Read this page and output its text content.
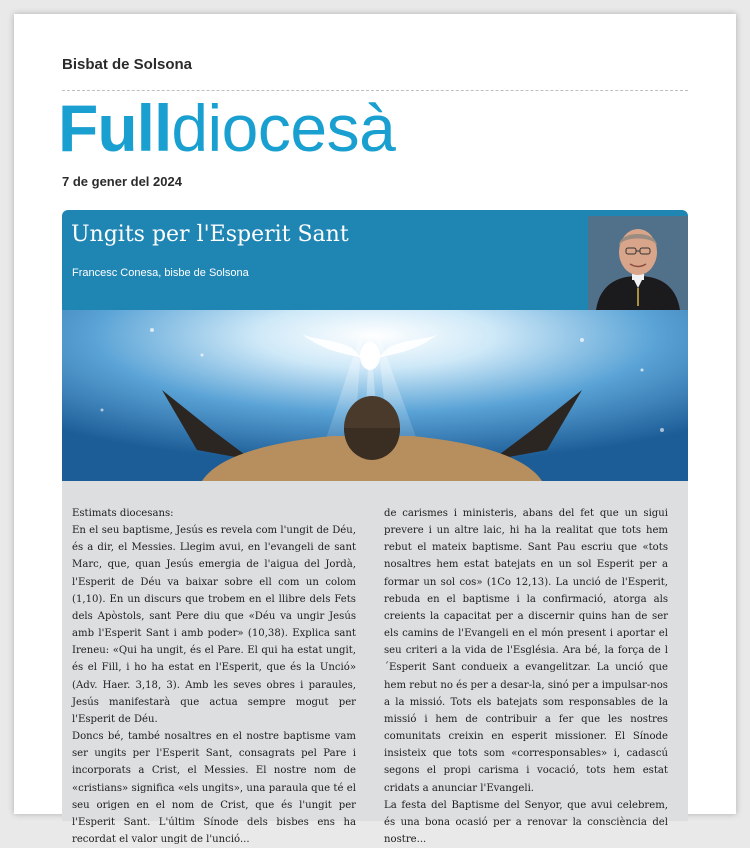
Bisbat de Solsona
Fulldiocesà
7 de gener del 2024
Ungits per l'Esperit Sant
Francesc Conesa, bisbe de Solsona

Estimats diocesans:

En el seu baptisme, Jesús es revela com l'ungit de Déu, és a dir, el Messies. Llegim avui, en l'evangeli de sant Marc, que, quan Jesús emergia de l'aigua del Jordà, l'Esperit de Déu va baixar sobre ell com un colom (1,10). En un discurs que trobem en el llibre dels Fets dels Apòstols, sant Pere diu que «Déu va ungir Jesús amb l'Esperit Sant i amb poder» (10,38). Explica sant Ireneu: «Qui ha ungit, és el Pare. El qui ha estat ungit, és el Fill, i ho ha estat en l'Esperit, que és la Unció» (Adv. Haer. 3,18, 3). Amb les seves obres i paraules, Jesús manifestarà que actua sempre mogut per l'Esperit de Déu.

Doncs bé, també nosaltres en el nostre baptisme vam ser ungits per l'Esperit Sant, consagrats pel Pare i incorporats a Crist, el Messies. El nostre nom de «cristians» significa «els ungits», una paraula que té el seu origen en el nom de Crist, que és l'ungit per l'Esperit Sant. L'últim Sínode dels bisbes ens ha recordat el valor ungit de l'unció...

de carismes i ministeris, abans del fet que un sigui prevere i un altre laic, hi ha la realitat que tots hem rebut el mateix baptisme. Sant Pau escriu que «tots nosaltres hem estat batejats en un sol Esperit per a formar un sol cos» (1Co 12,13). La unció de l'Esperit, rebuda en el baptisme i la confirmació, atorga als creients la capacitat per a discernir quins han de ser els camins de l'Evangeli en el món present i aportar el seu criteri a la vida de l'Església. Ara bé, la força de l´Esperit Sant condueix a evangelitzar. La unció que hem rebut no és per a desar-la, sinó per a impulsar-nos a la missió. Tots els batejats som responsables de la missió i hem de contribuir a fer que les nostres comunitats creixin en esperit missioner. El Sínode insisteix que tots som «corresponsables» i, cadascú segons el propi carisma i vocació, tots hem estat cridats a anunciar l'Evangeli.

La festa del Baptisme del Senyor, que avui celebrem, és una bona ocasió per a renovar la consciència del nostre...
